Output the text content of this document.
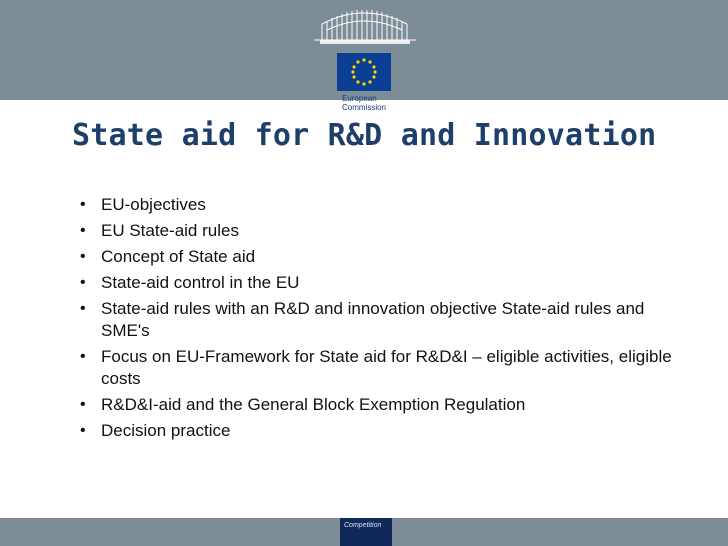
European
Commission
State aid for R&D and Innovation
• EU-objectives
• EU State-aid rules
• Concept of State aid
• State-aid control in the EU
• State-aid rules with an R&D and innovation objective State-aid rules and SME's
• Focus on EU-Framework for State aid for R&D&I – eligible activities, eligible costs
• R&D&I-aid and the General Block Exemption Regulation
• Decision practice
Competition
